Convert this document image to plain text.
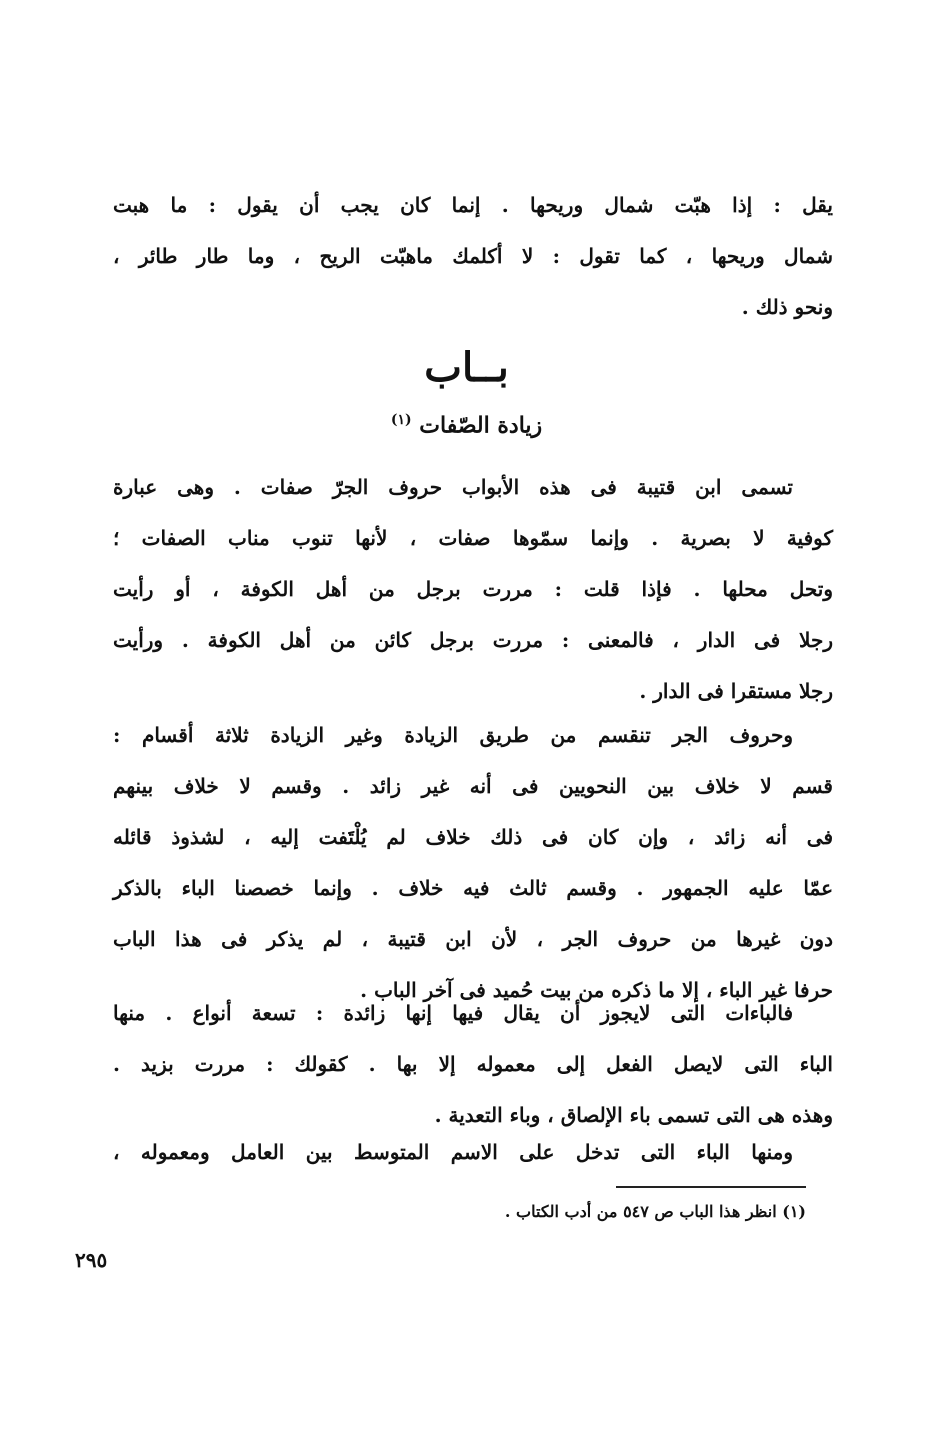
يقل : إذا هبّت شمال وريحها . إنما كان يجب أن يقول : ما هبت
شمال وريحها ، كما تقول : لا أكلمك ماهبّت الريح ، وما طار طائر ،
ونحو ذلك .
بــاب
زيادة الصّفات $^{(١)}$
تسمى ابن قتيبة فى هذه الأبواب حروف الجرّ صفات . وهى عبارة
كوفية لا بصرية . وإنما سمّوها صفات ، لأنها تنوب مناب الصفات ؛
وتحل محلها . فإذا قلت : مررت برجل من أهل الكوفة ، أو رأيت
رجلا فى الدار ، فالمعنى : مررت برجل كائن من أهل الكوفة . ورأيت
رجلا مستقرا فى الدار .
وحروف الجر تنقسم من طريق الزيادة وغير الزيادة ثلاثة أقسام :
قسم لا خلاف بين النحويين فى أنه غير زائد . وقسم لا خلاف بينهم
فى أنه زائد ، وإن كان فى ذلك خلاف لم يُلْتَفت إليه ، لشذوذ قائله
عمّا عليه الجمهور . وقسم ثالث فيه خلاف . وإنما خصصنا الباء بالذكر
دون غيرها من حروف الجر ، لأن ابن قتيبة ، لم يذكر فى هذا الباب
حرفا غير الباء ، إلا ما ذكره من بيت حُميد فى آخر الباب .
فالباءات التى لايجوز أن يقال فيها إنها زائدة : تسعة أنواع . منها
الباء التى لايصل الفعل إلى معموله إلا بها . كقولك : مررت بزيد .
وهذه هى التى تسمى باء الإلصاق ، وباء التعدية .
ومنها الباء التى تدخل على الاسم المتوسط بين العامل ومعموله ،
(١) انظر هذا الباب ص ٥٤٧ من أدب الكتاب .
٢٩٥
